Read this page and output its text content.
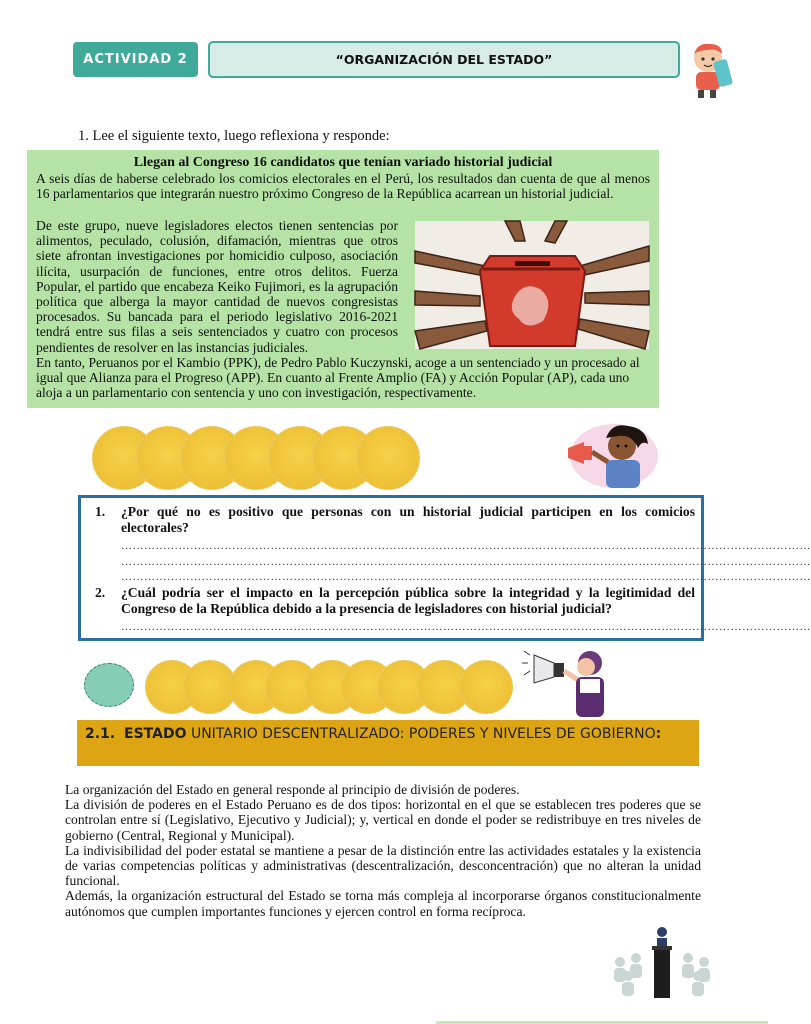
ACTIVIDAD 2	“ORGANIZACIÓN DEL ESTADO”
1. Lee el siguiente texto, luego reflexiona y responde:
Llegan al Congreso 16 candidatos que tenían variado historial judicial
A seis días de haberse celebrado los comicios electorales en el Perú, los resultados dan cuenta de que al menos 16 parlamentarios que integrarán nuestro próximo Congreso de la República acarrean un historial judicial.
De este grupo, nueve legisladores electos tienen sentencias por alimentos, peculado, colusión, difamación, mientras que otros siete afrontan investigaciones por homicidio culposo, asociación ilícita, usurpación de funciones, entre otros delitos. Fuerza Popular, el partido que encabeza Keiko Fujimori, es la agrupación política que alberga la mayor cantidad de nuevos congresistas procesados. Su bancada para el periodo legislativo 2016-2021 tendrá entre sus filas a seis sentenciados y cuatro con procesos pendientes de resolver en las instancias judiciales.
En tanto, Peruanos por el Kambio (PPK), de Pedro Pablo Kuczynski, acoge a un sentenciado y un procesado al igual que Alianza para el Progreso (APP). En cuanto al Frente Amplio (FA) y Acción Popular (AP), cada uno aloja a un parlamentario con sentencia y uno con investigación, respectivamente.
1. ¿Por qué no es positivo que personas con un historial judicial participen en los comicios electorales?
………………………………………………………………………………………………………………………………………………………………
………………………………………………………………………………………………………………………………………………………………
………………………………………………………………………………………………………………………………………………………………
2. ¿Cuál podría ser el impacto en la percepción pública sobre la integridad y la legitimidad del Congreso de la República debido a la presencia de legisladores con historial judicial?
………………………………………………………………………………………………………………………………………………………………
2.1. ESTADO UNITARIO DESCENTRALIZADO: PODERES Y NIVELES DE GOBIERNO:

La organización del Estado en general responde al principio de división de poderes.

La división de poderes en el Estado Peruano es de dos tipos: horizontal en el que se establecen tres poderes que se controlan entre sí (Legislativo, Ejecutivo y Judicial); y, vertical en donde el poder se redistribuye en tres niveles de gobierno (Central, Regional y Municipal).

La indivisibilidad del poder estatal se mantiene a pesar de la distinción entre las actividades estatales y la existencia de varias competencias políticas y administrativas (descentralización, desconcentración) que no alteran la unidad funcional.

Además, la organización estructural del Estado se torna más compleja al incorporarse órganos constitucionalmente autónomos que cumplen importantes funciones y ejercen control en forma recíproca.
